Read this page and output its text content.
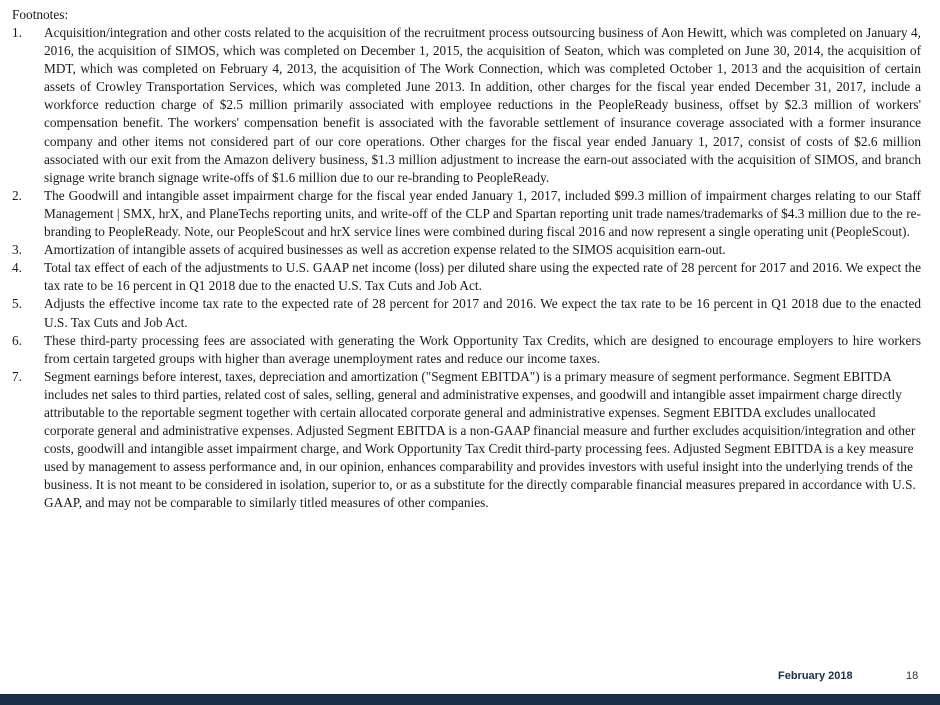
Footnotes:

1.	Acquisition/integration and other costs related to the acquisition of the recruitment process outsourcing business of Aon Hewitt, which was completed on January 4, 2016, the acquisition of SIMOS, which was completed on December 1, 2015, the acquisition of Seaton, which was completed on June 30, 2014, the acquisition of MDT, which was completed on February 4, 2013, the acquisition of The Work Connection, which was completed October 1, 2013 and the acquisition of certain assets of Crowley Transportation Services, which was completed June 2013. In addition, other charges for the fiscal year ended December 31, 2017, include a workforce reduction charge of $2.5 million primarily associated with employee reductions in the PeopleReady business, offset by $2.3 million of workers' compensation benefit. The workers' compensation benefit is associated with the favorable settlement of insurance coverage associated with a former insurance company and other items not considered part of our core operations. Other charges for the fiscal year ended January 1, 2017, consist of costs of $2.6 million associated with our exit from the Amazon delivery business, $1.3 million adjustment to increase the earn-out associated with the acquisition of SIMOS, and branch signage write branch signage write-offs of $1.6 million due to our re-branding to PeopleReady.
2.	The Goodwill and intangible asset impairment charge for the fiscal year ended January 1, 2017, included $99.3 million of impairment charges relating to our Staff Management | SMX, hrX, and PlaneTechs reporting units, and write-off of the CLP and Spartan reporting unit trade names/trademarks of $4.3 million due to the re-branding to PeopleReady. Note, our PeopleScout and hrX service lines were combined during fiscal 2016 and now represent a single operating unit (PeopleScout).
3.	Amortization of intangible assets of acquired businesses as well as accretion expense related to the SIMOS acquisition earn-out.
4.	Total tax effect of each of the adjustments to U.S. GAAP net income (loss) per diluted share using the expected rate of 28 percent for 2017 and 2016. We expect the tax rate to be 16 percent in Q1 2018 due to the enacted U.S. Tax Cuts and Job Act.
5.	Adjusts the effective income tax rate to the expected rate of 28 percent for 2017 and 2016. We expect the tax rate to be 16 percent in Q1 2018 due to the enacted U.S. Tax Cuts and Job Act.
6.	These third-party processing fees are associated with generating the Work Opportunity Tax Credits, which are designed to encourage employers to hire workers from certain targeted groups with higher than average unemployment rates and reduce our income taxes.
7.	Segment earnings before interest, taxes, depreciation and amortization ("Segment EBITDA") is a primary measure of segment performance. Segment EBITDA includes net sales to third parties, related cost of sales, selling, general and administrative expenses, and goodwill and intangible asset impairment charge directly attributable to the reportable segment together with certain allocated corporate general and administrative expenses. Segment EBITDA excludes unallocated corporate general and administrative expenses. Adjusted Segment EBITDA is a non-GAAP financial measure and further excludes acquisition/integration and other costs, goodwill and intangible asset impairment charge, and Work Opportunity Tax Credit third-party processing fees. Adjusted Segment EBITDA is a key measure used by management to assess performance and, in our opinion, enhances comparability and provides investors with useful insight into the underlying trends of the business. It is not meant to be considered in isolation, superior to, or as a substitute for the directly comparable financial measures prepared in accordance with U.S. GAAP, and may not be comparable to similarly titled measures of other companies.
February 2018	18
